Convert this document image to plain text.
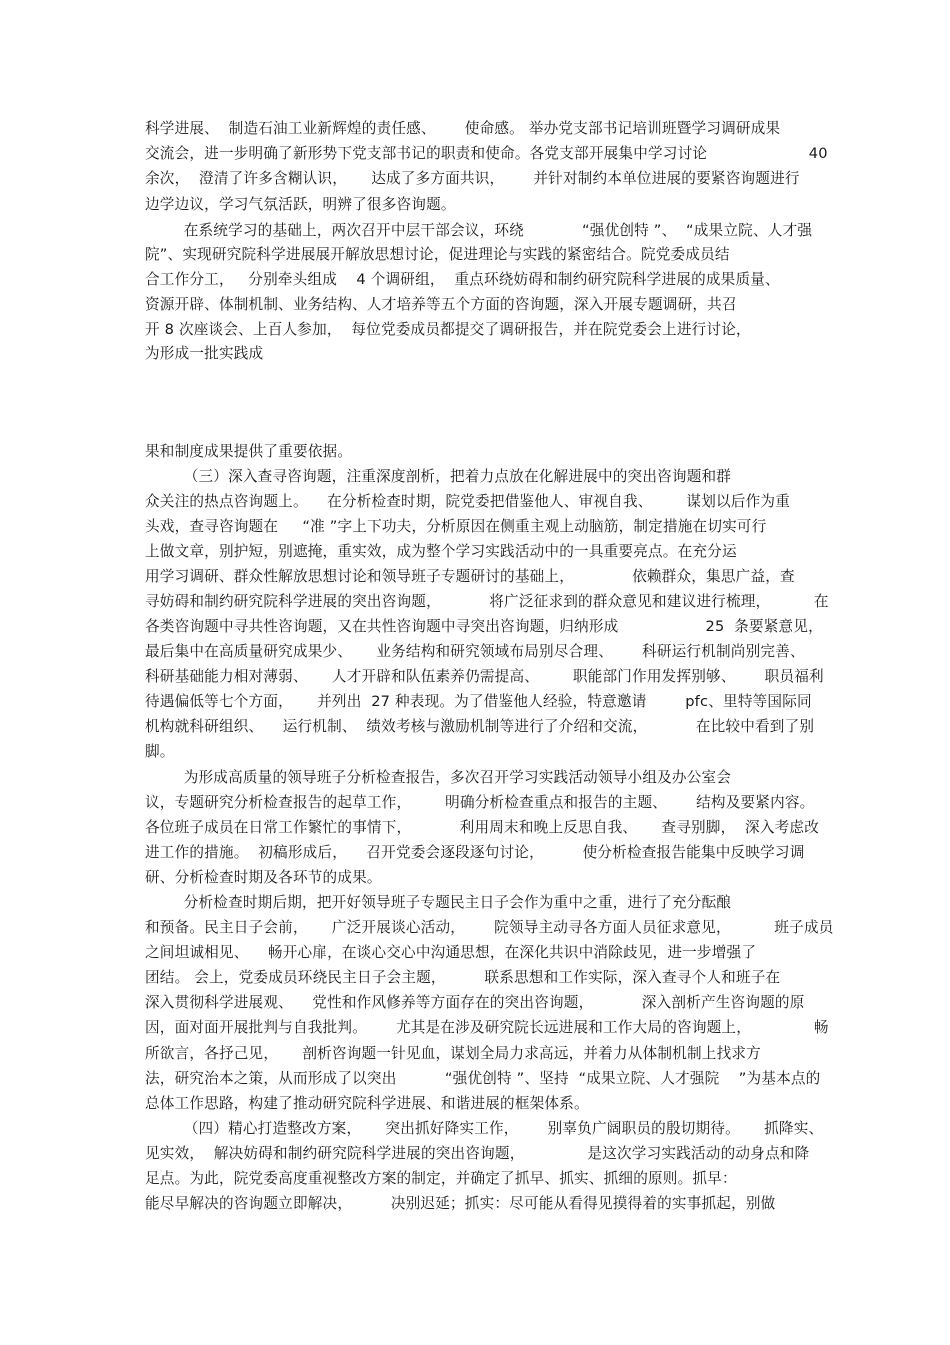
科学进展、  制造石油工业新辉煌的责任感、      使命感。 举办党支部书记培训班暨学习调研成果
交流会，进一步明确了新形势下党支部书记的职责和使命。各党支部开展集中学习讨论                     40
余次，  澄清了许多含糊认识，     达成了多方面共识，      并针对制约本单位进展的要紧咨询题进行
边学边议，学习气氛活跃，明辨了很多咨询题。
在系统学习的基础上，两次召开中层干部会议，环绕            “强优创特 ”、  “成果立院、人才强
院”、实现研究院科学进展展开解放思想讨论，促进理论与实践的紧密结合。院党委成员结
合工作分工，   分别牵头组成    4 个调研组，  重点环绕妨碍和制约研究院科学进展的成果质量、
资源开辟、体制机制、业务结构、人才培养等五个方面的咨询题，深入开展专题调研，共召
开 8 次座谈会、上百人参加，  每位党委成员都提交了调研报告，并在院党委会上进行讨论，
为形成一批实践成
果和制度成果提供了重要依据。
（三）深入查寻咨询题，注重深度剖析，把着力点放在化解进展中的突出咨询题和群
众关注的热点咨询题上。    在分析检查时期，院党委把借鉴他人、审视自我、       谋划以后作为重
头戏，查寻咨询题在     “准 ”字上下功夫，分析原因在侧重主观上动脑筋，制定措施在切实可行
上做文章，别护短，别遮掩，重实效，成为整个学习实践活动中的一具重要亮点。在充分运
用学习调研、群众性解放思想讨论和领导班子专题研讨的基础上，            依赖群众，集思广益，查
寻妨碍和制约研究院科学进展的突出咨询题，          将广泛征求到的群众意见和建议进行梳理，         在
各类咨询题中寻共性咨询题，又在共性咨询题中寻突出咨询题，归纳形成                  25  条要紧意见，
最后集中在高质量研究成果少、     业务结构和研究领域布局别尽合理、      科研运行机制尚别完善、
科研基础能力相对薄弱、     人才开辟和队伍素养仍需提高、       职能部门作用发挥别够、      职员福利
待遇偏低等七个方面，     并列出  27 种表现。为了借鉴他人经验，特意邀请        pfc、里特等国际同
机构就科研组织、    运行机制、  绩效考核与激励机制等进行了介绍和交流，          在比较中看到了别
脚。
为形成高质量的领导班子分析检查报告，多次召开学习实践活动领导小组及办公室会
议，专题研究分析检查报告的起草工作，       明确分析检查重点和报告的主题、      结构及要紧内容。
各位班子成员在日常工作繁忙的事情下，          利用周末和晚上反思自我、     查寻别脚，  深入考虑改
进工作的措施。  初稿形成后，    召开党委会逐段逐句讨论，        使分析检查报告能集中反映学习调
研、分析检查时期及各环节的成果。
分析检查时期后期，把开好领导班子专题民主日子会作为重中之重，进行了充分酝酿
和预备。民主日子会前，     广泛开展谈心活动，      院领导主动寻各方面人员征求意见，         班子成员
之间坦诚相见、    畅开心扉，在谈心交心中沟通思想，在深化共识中消除歧见，进一步增强了
团结。 会上，党委成员环绕民主日子会主题，        联系思想和工作实际，深入查寻个人和班子在
深入贯彻科学进展观、    党性和作风修养等方面存在的突出咨询题，          深入剖析产生咨询题的原
因，面对面开展批判与自我批判。      尤其是在涉及研究院长远进展和工作大局的咨询题上，             畅
所欲言，各抒己见，     剖析咨询题一针见血，谋划全局力求高远，并着力从体制机制上找求方
法，研究治本之策，从而形成了以突出          “强优创特 ”、坚持  “成果立院、人才强院    ”为基本点的
总体工作思路，构建了推动研究院科学进展、和谐进展的框架体系。
（四）精心打造整改方案，     突出抓好降实工作，      别辜负广阔职员的殷切期待。     抓降实、
见实效，  解决妨碍和制约研究院科学进展的突出咨询题，             是这次学习实践活动的动身点和降
足点。为此，院党委高度重视整改方案的制定，并确定了抓早、抓实、抓细的原则。抓早：
能尽早解决的咨询题立即解决，        决别迟延；抓实：尽可能从看得见摸得着的实事抓起，别做
